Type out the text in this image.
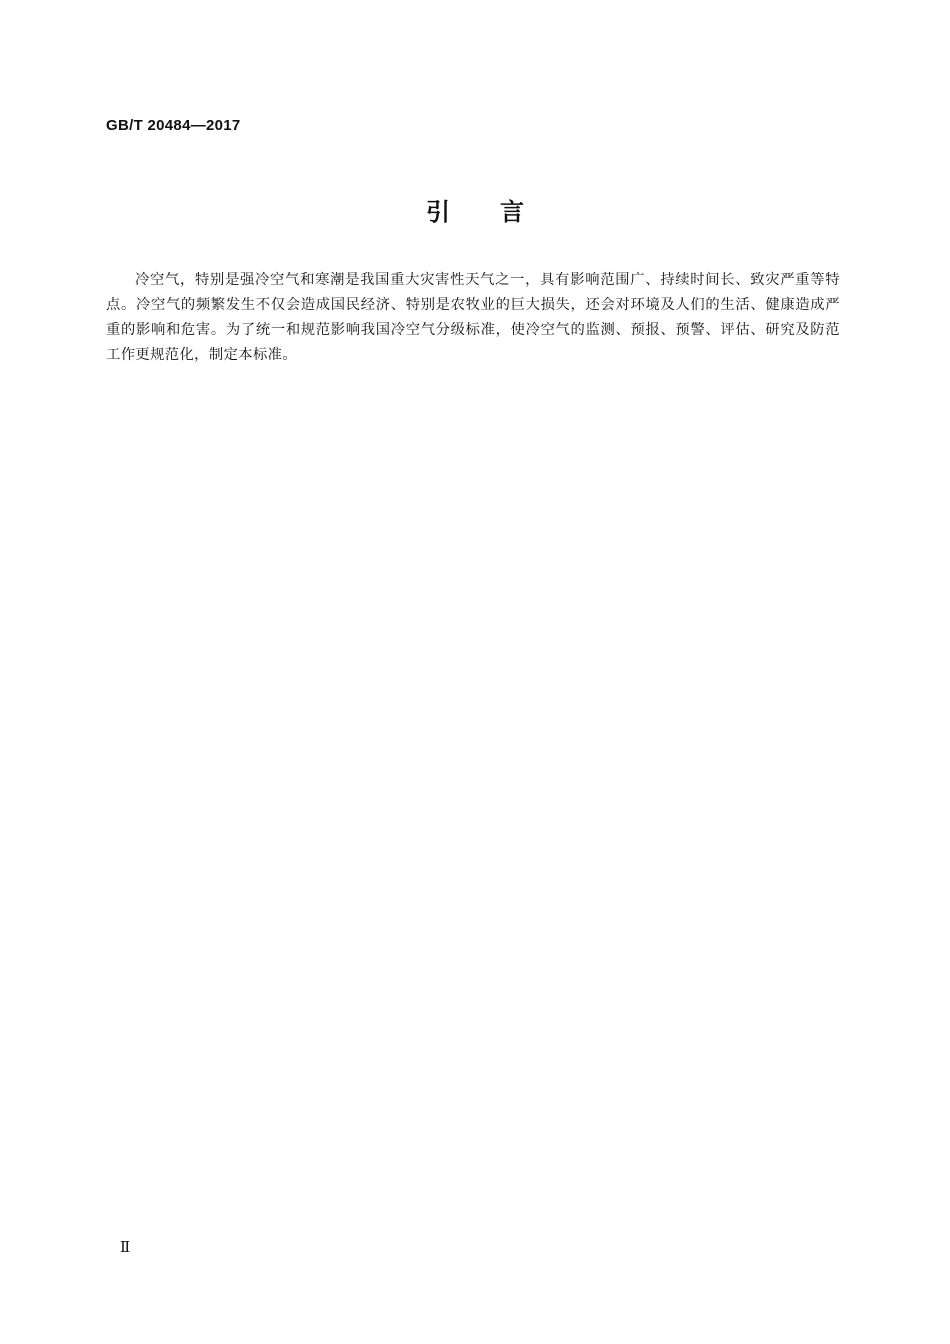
GB/T 20484—2017

引言

冷空气，特别是强冷空气和寒潮是我国重大灾害性天气之一，具有影响范围广、持续时间长、致灾严重等特点。冷空气的频繁发生不仅会造成国民经济、特别是农牧业的巨大损失，还会对环境及人们的生活、健康造成严重的影响和危害。为了统一和规范影响我国冷空气分级标准，使冷空气的监测、预报、预警、评估、研究及防范工作更规范化，制定本标准。

Ⅱ
